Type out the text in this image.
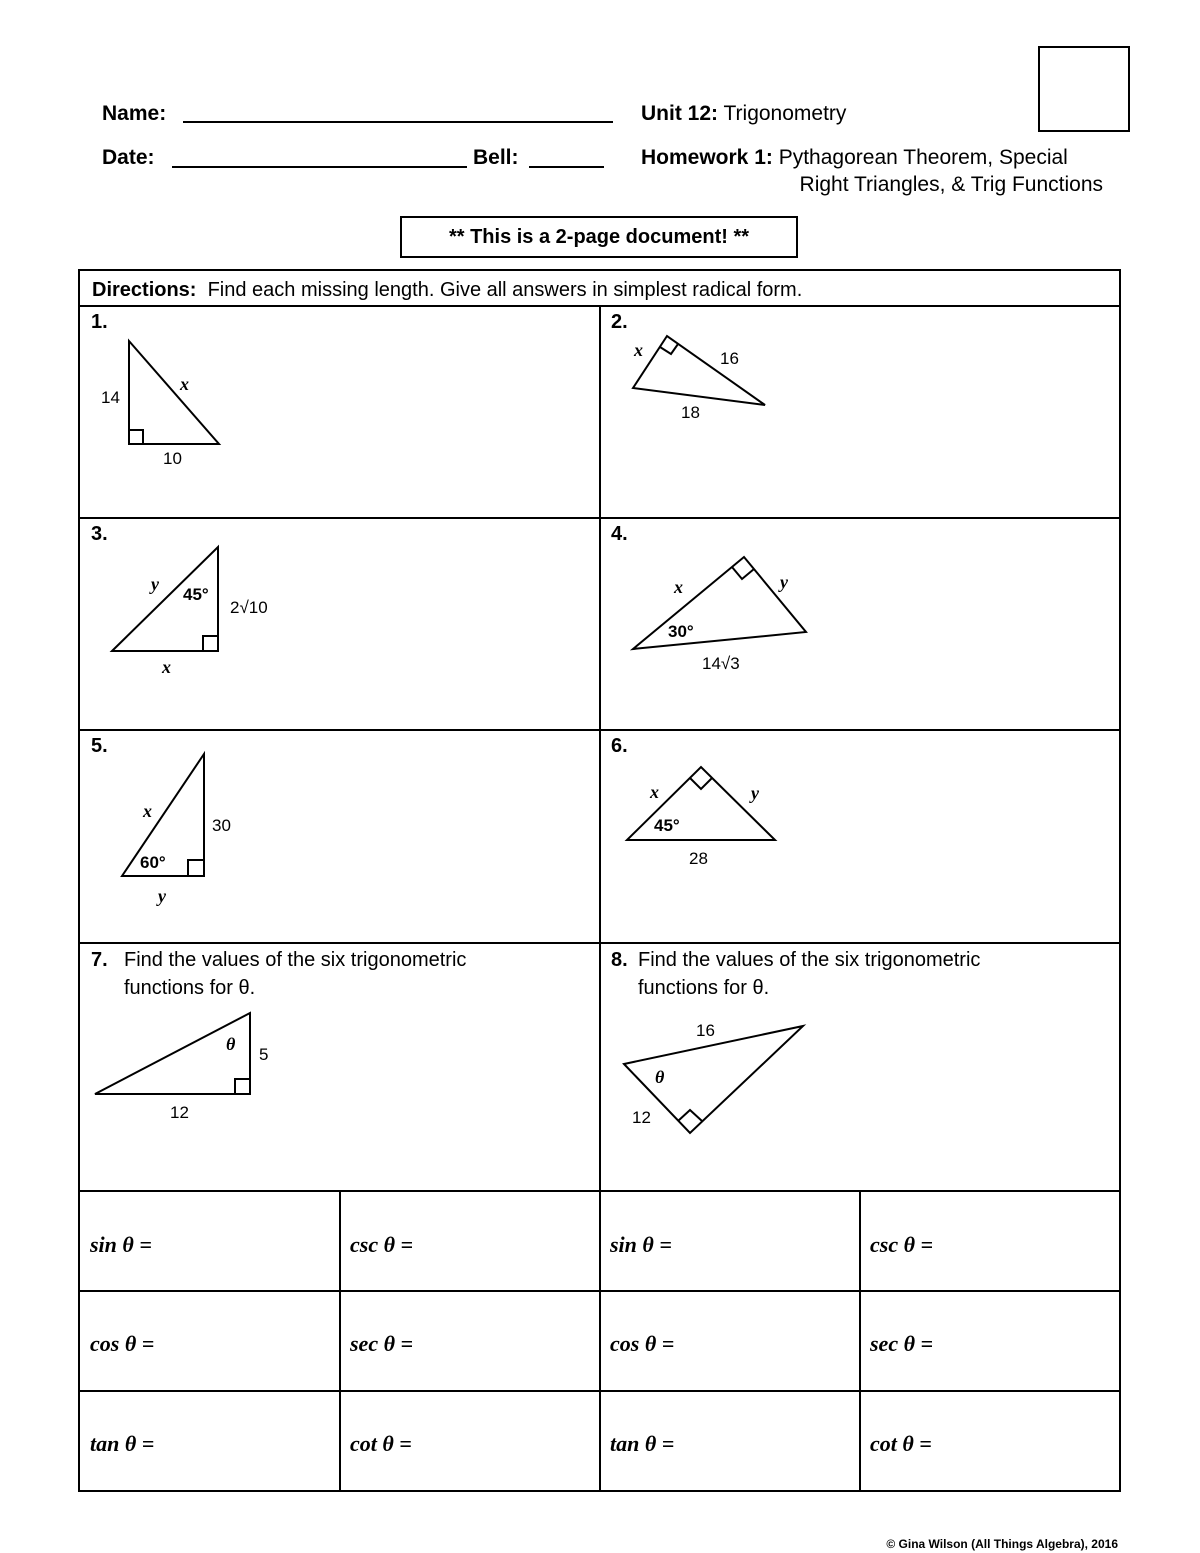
Name:
Date:	Bell:
Unit 12: Trigonometry
Homework 1: Pythagorean Theorem, Special
Right Triangles, & Trig Functions
** This is a 2-page document! **
Directions: Find each missing length. Give all answers in simplest radical form.
1.	2.
3.	4.
5.	6.
7. Find the values of the six trigonometric
functions for θ.
8. Find the values of the six trigonometric
functions for θ.
14
x
10
x	16
18
y
45°
2√10
x
x	y
30°
14√3
x
30
60°
y
x	y
45°
28
θ
5
12
16
θ
12
sin θ =	csc θ =	sin θ =	csc θ =
cos θ =	sec θ =	cos θ =	sec θ =
tan θ =	cot θ =	tan θ =	cot θ =
© Gina Wilson (All Things Algebra), 2016
